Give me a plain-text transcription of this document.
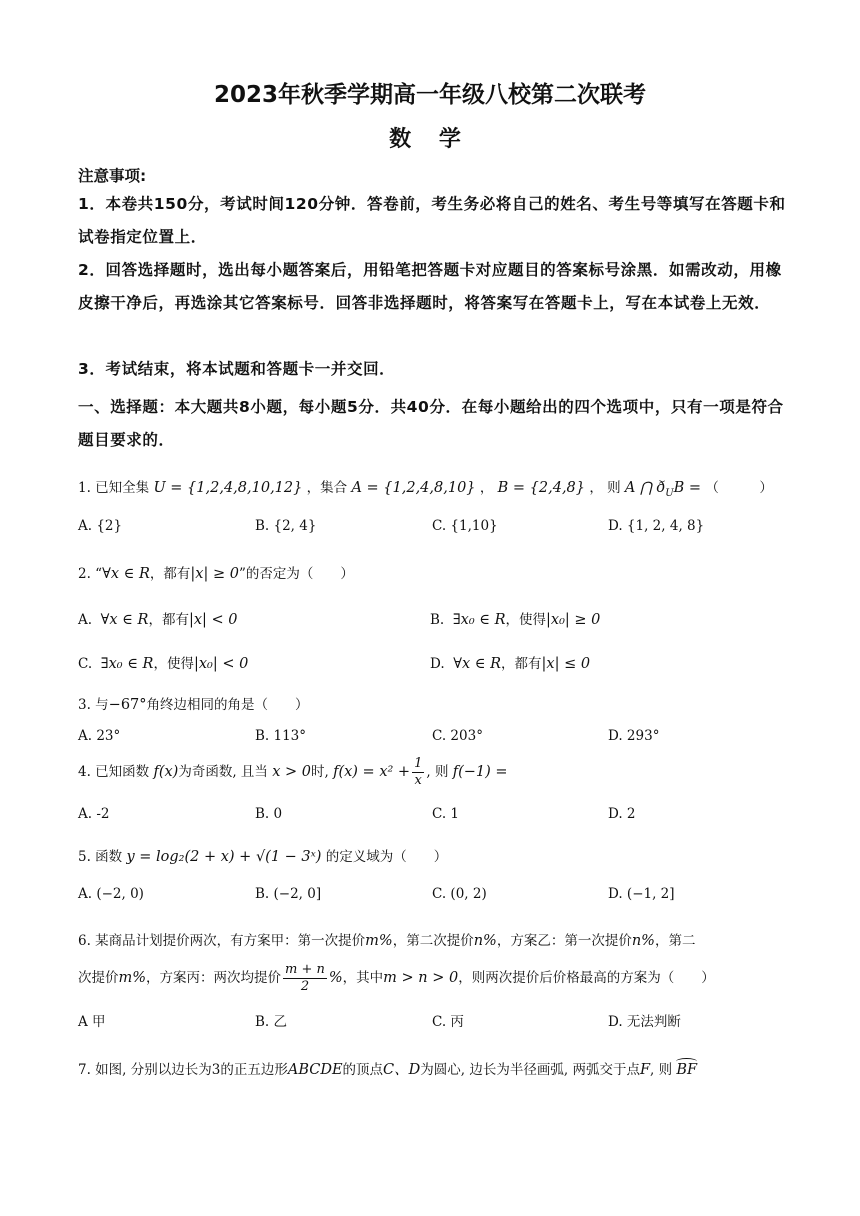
2023年秋季学期高一年级八校第二次联考
数 学
注意事项:
1．本卷共150分，考试时间120分钟．答卷前，考生务必将自己的姓名、考生号等填写在答题卡和试卷指定位置上．
2．回答选择题时，选出每小题答案后，用铅笔把答题卡对应题目的答案标号涂黑．如需改动，用橡皮擦干净后，再选涂其它答案标号．回答非选择题时，将答案写在答题卡上，写在本试卷上无效．
3．考试结束，将本试题和答题卡一并交回．
一、选择题：本大题共8小题，每小题5分．共40分．在每小题给出的四个选项中，只有一项是符合题目要求的．
1. 已知全集 U = {1,2,4,8,10,12} ，集合 A = {1,2,4,8,10} ， B = {2,4,8} ， 则 A ⋂ $ð_UB$ = （　　　）
A. {2}	B. {2, 4}	C. {1,10}	D. {1, 2, 4, 8}
2. “∀x ∈ R，都有|x| ≥ 0”的否定为（　　）
A. ∀x ∈ R，都有|x| < 0	B. ∃x₀ ∈ R，使得|x₀| ≥ 0
C. ∃x₀ ∈ R，使得|x₀| < 0	D. ∀x ∈ R，都有|x| ≤ 0
3. 与−67°角终边相同的角是（　　）
A. 23°	B. 113°	C. 203°	D. 293°
4. 已知函数 f(x)为奇函数, 且当 x > 0时, $f(x) = x^2 + \frac{1}{x}$ , 则 f(−1) =
A. -2	B. 0	C. 1	D. 2
5. 函数 y = log₂(2 + x) + √(1 − 3ˣ) 的定义域为（　　）
A. (−2, 0)	B. (−2, 0]	C. (0, 2)	D. (−1, 2]
6. 某商品计划提价两次，有方案甲：第一次提价m%，第二次提价n%，方案乙：第一次提价n%，第二
次提价m%，方案丙：两次均提价 $\frac{m + n}{2}$ %，其中m > n > 0，则两次提价后价格最高的方案为（　　）
A 甲	B. 乙	C. 丙	D. 无法判断
7. 如图, 分别以边长为3的正五边形ABCDE的顶点C、D为圆心, 边长为半径画弧, 两弧交于点F, 则 BF
